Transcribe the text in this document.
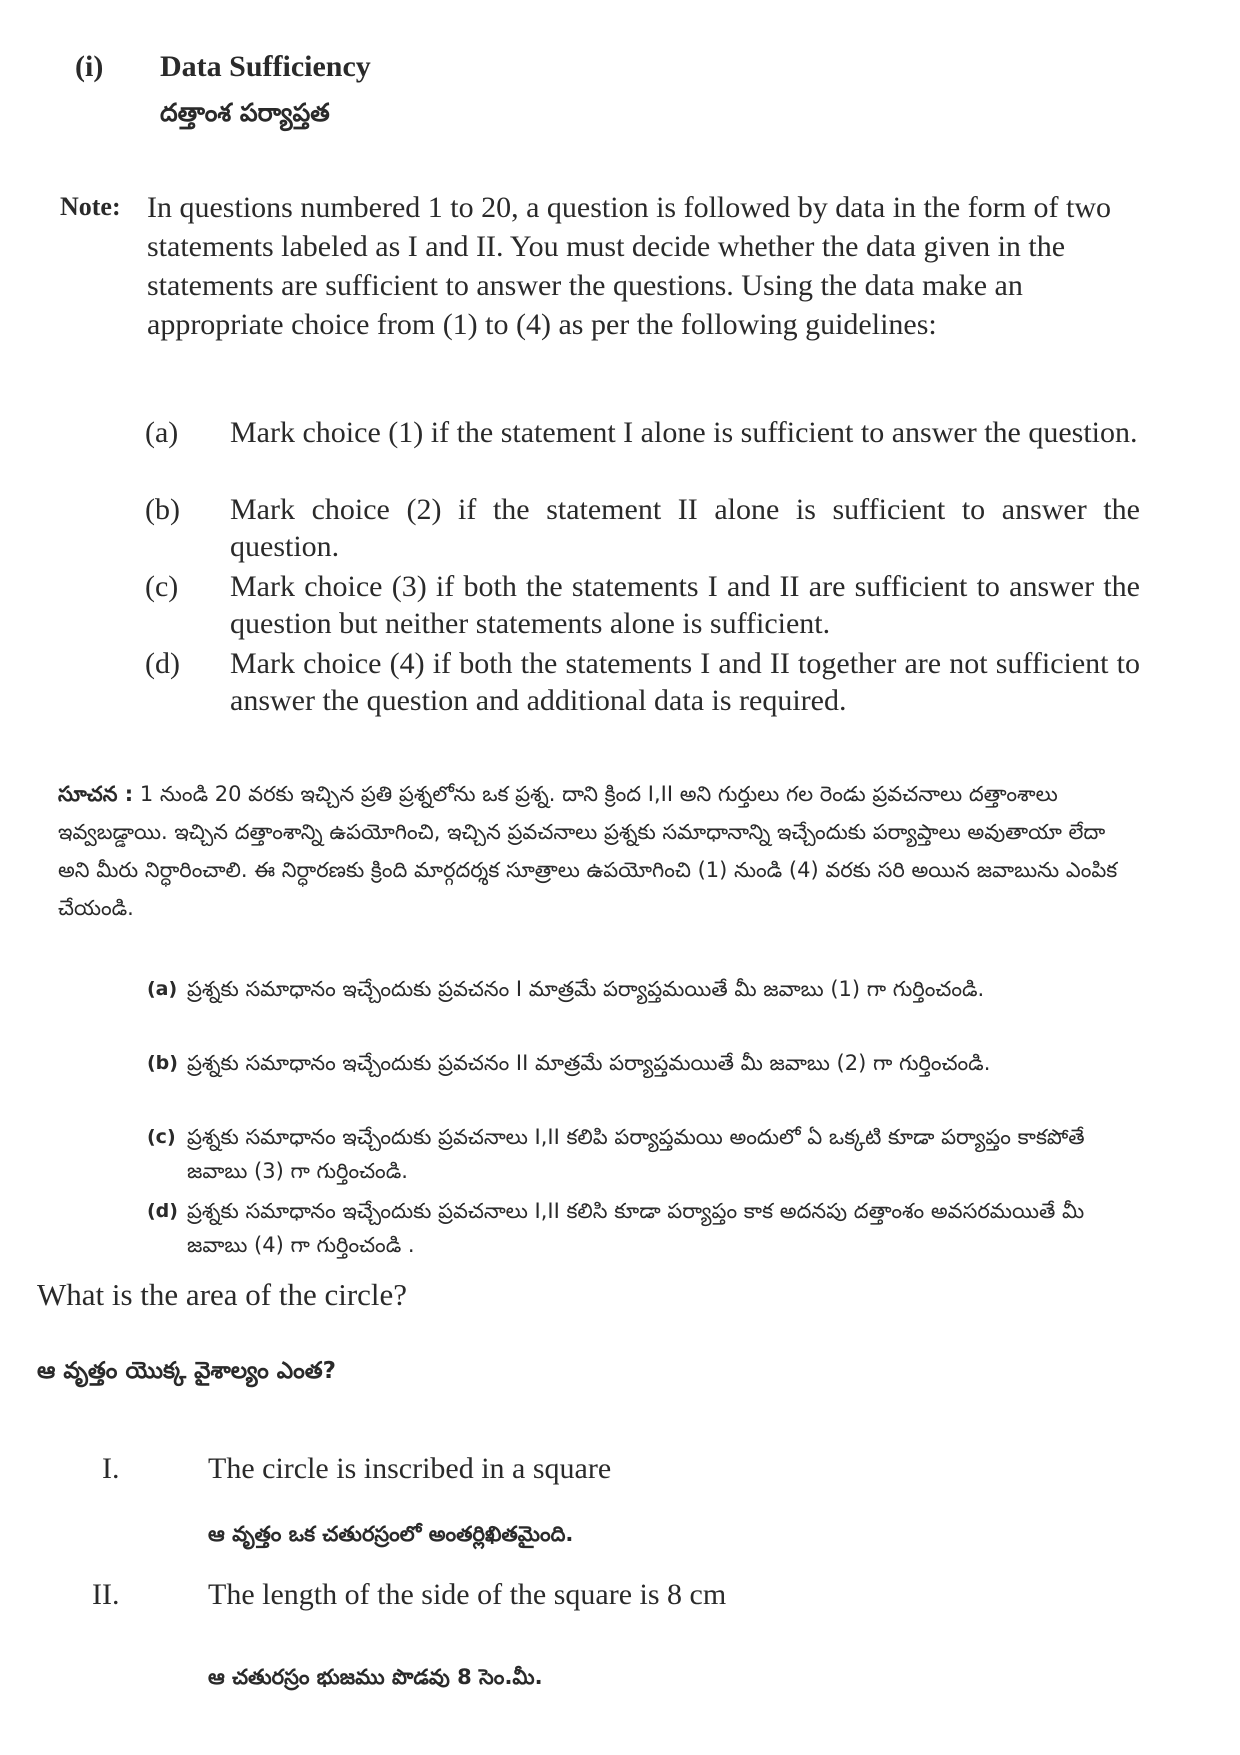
(i) Data Sufficiency
దత్తాంశ పర్యాప్తత
Note: In questions numbered 1 to 20, a question is followed by data in the form of two statements labeled as I and II. You must decide whether the data given in the statements are sufficient to answer the questions. Using the data make an appropriate choice from (1) to (4) as per the following guidelines:
(a)	Mark choice (1) if the statement I alone is sufficient to answer the question.
(b)	Mark choice (2) if the statement II alone is sufficient to answer the question.
(c)	Mark choice (3) if both the statements I and II are sufficient to answer the question but neither statements alone is sufficient.
(d)	Mark choice (4) if both the statements I and II together are not sufficient to answer the question and additional data is required.
సూచన : 1 నుండి 20 వరకు ఇచ్చిన ప్రతి ప్రశ్నలోను ఒక ప్రశ్న. దాని క్రింద I,II అని గుర్తులు గల రెండు ప్రవచనాలు దత్తాంశాలు ఇవ్వబడ్డాయి. ఇచ్చిన దత్తాంశాన్ని ఉపయోగించి, ఇచ్చిన ప్రవచనాలు ప్రశ్నకు సమాధానాన్ని ఇచ్చేందుకు పర్యాప్తాలు అవుతాయా లేదా అని మీరు నిర్ధారించాలి. ఈ నిర్ధారణకు క్రింది మార్గదర్శక సూత్రాలు ఉపయోగించి (1) నుండి (4) వరకు సరి అయిన జవాబును ఎంపిక చేయండి.
(a) ప్రశ్నకు సమాధానం ఇచ్చేందుకు ప్రవచనం I మాత్రమే పర్యాప్తమయితే మీ జవాబు (1) గా గుర్తించండి.
(b) ప్రశ్నకు సమాధానం ఇచ్చేందుకు ప్రవచనం II మాత్రమే పర్యాప్తమయితే మీ జవాబు (2) గా గుర్తించండి.
(c) ప్రశ్నకు సమాధానం ఇచ్చేందుకు ప్రవచనాలు I,II కలిపి పర్యాప్తమయి అందులో ఏ ఒక్కటి కూడా పర్యాప్తం కాకపోతే జవాబు (3) గా గుర్తించండి.
(d) ప్రశ్నకు సమాధానం ఇచ్చేందుకు ప్రవచనాలు I,II కలిసి కూడా పర్యాప్తం కాక అదనపు దత్తాంశం అవసరమయితే మీ జవాబు (4) గా గుర్తించండి .
What is the area of the circle?
ఆ వృత్తం యొక్క వైశాల్యం ఎంత?
I.	The circle is inscribed in a square
ఆ వృత్తం ఒక చతురస్రంలో అంతర్లిఖితమైంది.
II.	The length of the side of the square is 8 cm
ఆ చతురస్రం భుజము పొడవు 8 సెం.మీ.
